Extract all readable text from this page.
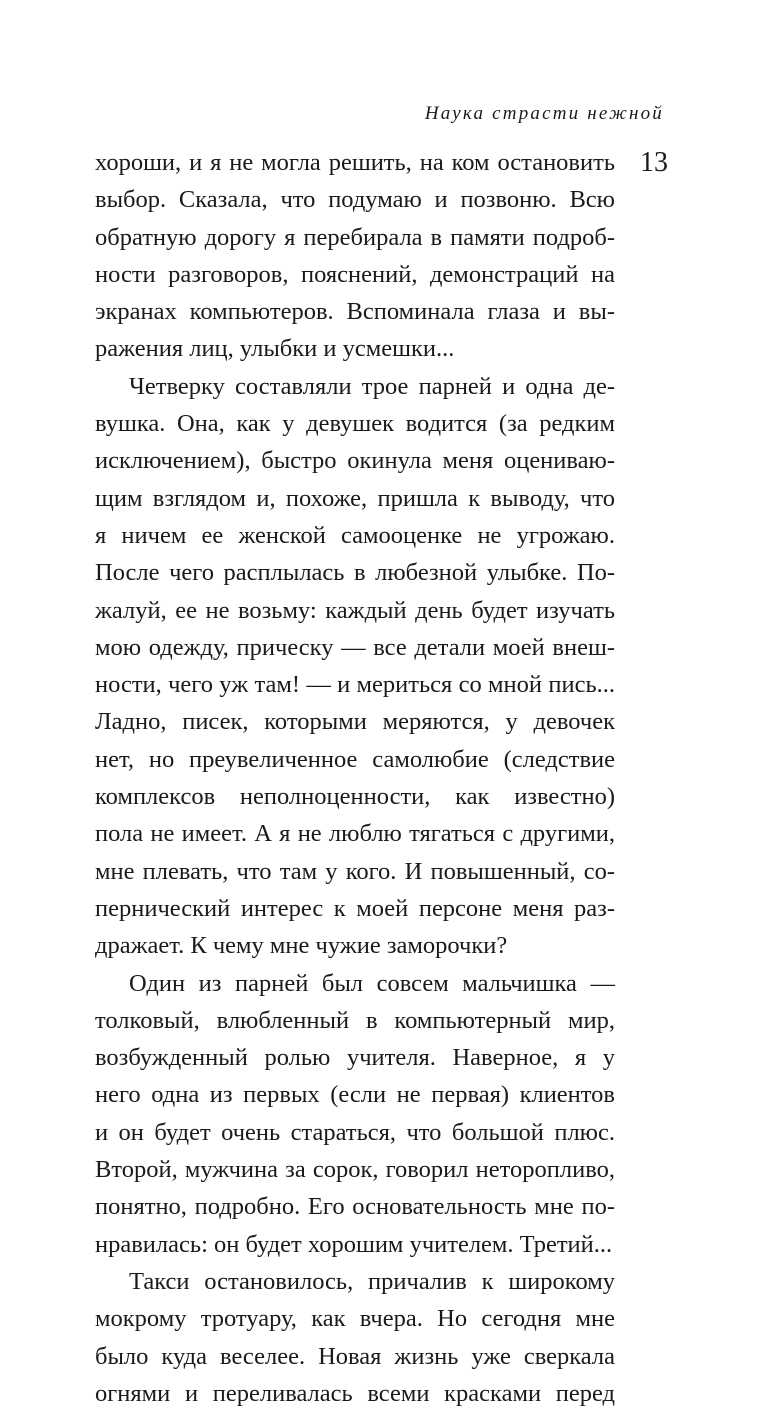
Наука страсти нежной
13
хороши, и я не могла решить, на ком остановить
выбор. Сказала, что подумаю и позвоню. Всю
обратную дорогу я перебирала в памяти подроб-
ности разговоров, пояснений, демонстраций на
экранах компьютеров. Вспоминала глаза и вы-
ражения лиц, улыбки и усмешки...
Четверку составляли трое парней и одна де-
вушка. Она, как у девушек водится (за редким
исключением), быстро окинула меня оцениваю-
щим взглядом и, похоже, пришла к выводу, что
я ничем ее женской самооценке не угрожаю.
После чего расплылась в любезной улыбке. По-
жалуй, ее не возьму: каждый день будет изучать
мою одежду, прическу — все детали моей внеш-
ности, чего уж там! — и мериться со мной пись...
Ладно, писек, которыми меряются, у девочек
нет, но преувеличенное самолюбие (следствие
комплексов неполноценности, как известно)
пола не имеет. А я не люблю тягаться с другими,
мне плевать, что там у кого. И повышенный, со-
пернический интерес к моей персоне меня раз-
дражает. К чему мне чужие заморочки?
Один из парней был совсем мальчишка —
толковый, влюбленный в компьютерный мир,
возбужденный ролью учителя. Наверное, я у
него одна из первых (если не первая) клиентов
и он будет очень стараться, что большой плюс.
Второй, мужчина за сорок, говорил неторопливо,
понятно, подробно. Его основательность мне по-
нравилась: он будет хорошим учителем. Третий...
Такси остановилось, причалив к широкому
мокрому тротуару, как вчера. Но сегодня мне
было куда веселее. Новая жизнь уже сверкала
огнями и переливалась всеми красками перед
